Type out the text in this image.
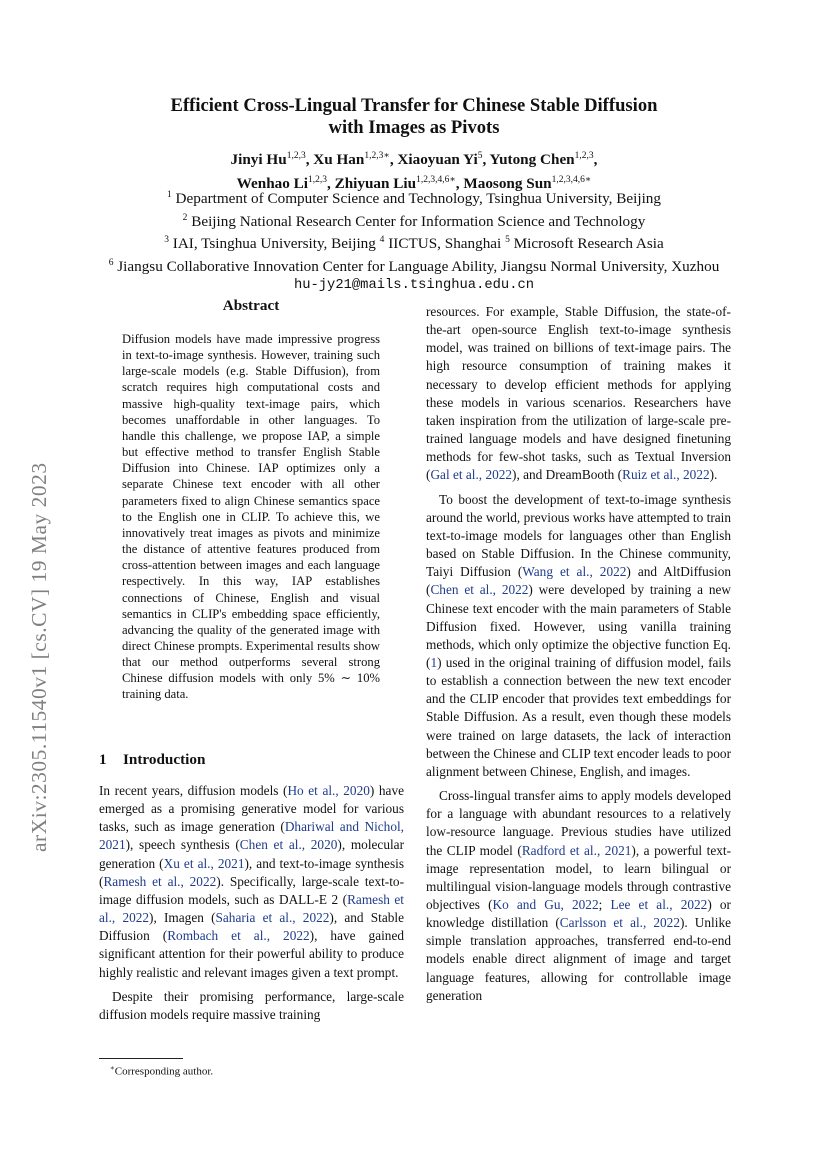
arXiv:2305.11540v1 [cs.CV] 19 May 2023
Efficient Cross-Lingual Transfer for Chinese Stable Diffusion
with Images as Pivots
Jinyi Hu$^{1,2,3}$, Xu Han$^{1,2,3∗}$, Xiaoyuan Yi$^5$, Yutong Chen$^{1,2,3}$,
Wenhao Li$^{1,2,3}$, Zhiyuan Liu$^{1,2,3,4,6∗}$, Maosong Sun$^{1,2,3,4,6∗}$
$^1$ Department of Computer Science and Technology, Tsinghua University, Beijing
$^2$ Beijing National Research Center for Information Science and Technology
$^3$ IAI, Tsinghua University, Beijing $^4$ IICTUS, Shanghai $^5$ Microsoft Research Asia
$^6$ Jiangsu Collaborative Innovation Center for Language Ability, Jiangsu Normal University, Xuzhou
hu-jy21@mails.tsinghua.edu.cn
Abstract
Diffusion models have made impressive progress in text-to-image synthesis. However, training such large-scale models (e.g. Stable Diffusion), from scratch requires high computational costs and massive high-quality text-image pairs, which becomes unaffordable in other languages. To handle this challenge, we propose IAP, a simple but effective method to transfer English Stable Diffusion into Chinese. IAP optimizes only a separate Chinese text encoder with all other parameters fixed to align Chinese semantics space to the English one in CLIP. To achieve this, we innovatively treat images as pivots and minimize the distance of attentive features produced from cross-attention between images and each language respectively. In this way, IAP establishes connections of Chinese, English and visual semantics in CLIP's embedding space efficiently, advancing the quality of the generated image with direct Chinese prompts. Experimental results show that our method outperforms several strong Chinese diffusion models with only 5% ∼ 10% training data.
1 Introduction

In recent years, diffusion models (Ho et al., 2020) have emerged as a promising generative model for various tasks, such as image generation (Dhariwal and Nichol, 2021), speech synthesis (Chen et al., 2020), molecular generation (Xu et al., 2021), and text-to-image synthesis (Ramesh et al., 2022). Specifically, large-scale text-to-image diffusion models, such as DALL-E 2 (Ramesh et al., 2022), Imagen (Saharia et al., 2022), and Stable Diffusion (Rombach et al., 2022), have gained significant attention for their powerful ability to produce highly realistic and relevant images given a text prompt.

Despite their promising performance, large-scale diffusion models require massive training

resources. For example, Stable Diffusion, the state-of-the-art open-source English text-to-image synthesis model, was trained on billions of text-image pairs. The high resource consumption of training makes it necessary to develop efficient methods for applying these models in various scenarios. Researchers have taken inspiration from the utilization of large-scale pre-trained language models and have designed finetuning methods for few-shot tasks, such as Textual Inversion (Gal et al., 2022), and DreamBooth (Ruiz et al., 2022).

To boost the development of text-to-image synthesis around the world, previous works have attempted to train text-to-image models for languages other than English based on Stable Diffusion. In the Chinese community, Taiyi Diffusion (Wang et al., 2022) and AltDiffusion (Chen et al., 2022) were developed by training a new Chinese text encoder with the main parameters of Stable Diffusion fixed. However, using vanilla training methods, which only optimize the objective function Eq. (1) used in the original training of diffusion model, fails to establish a connection between the new text encoder and the CLIP encoder that provides text embeddings for Stable Diffusion. As a result, even though these models were trained on large datasets, the lack of interaction between the Chinese and CLIP text encoder leads to poor alignment between Chinese, English, and images.

Cross-lingual transfer aims to apply models developed for a language with abundant resources to a relatively low-resource language. Previous studies have utilized the CLIP model (Radford et al., 2021), a powerful text-image representation model, to learn bilingual or multilingual vision-language models through contrastive objectives (Ko and Gu, 2022; Lee et al., 2022) or knowledge distillation (Carlsson et al., 2022). Unlike simple translation approaches, transferred end-to-end models enable direct alignment of image and target language features, allowing for controllable image generation

∗Corresponding author.
